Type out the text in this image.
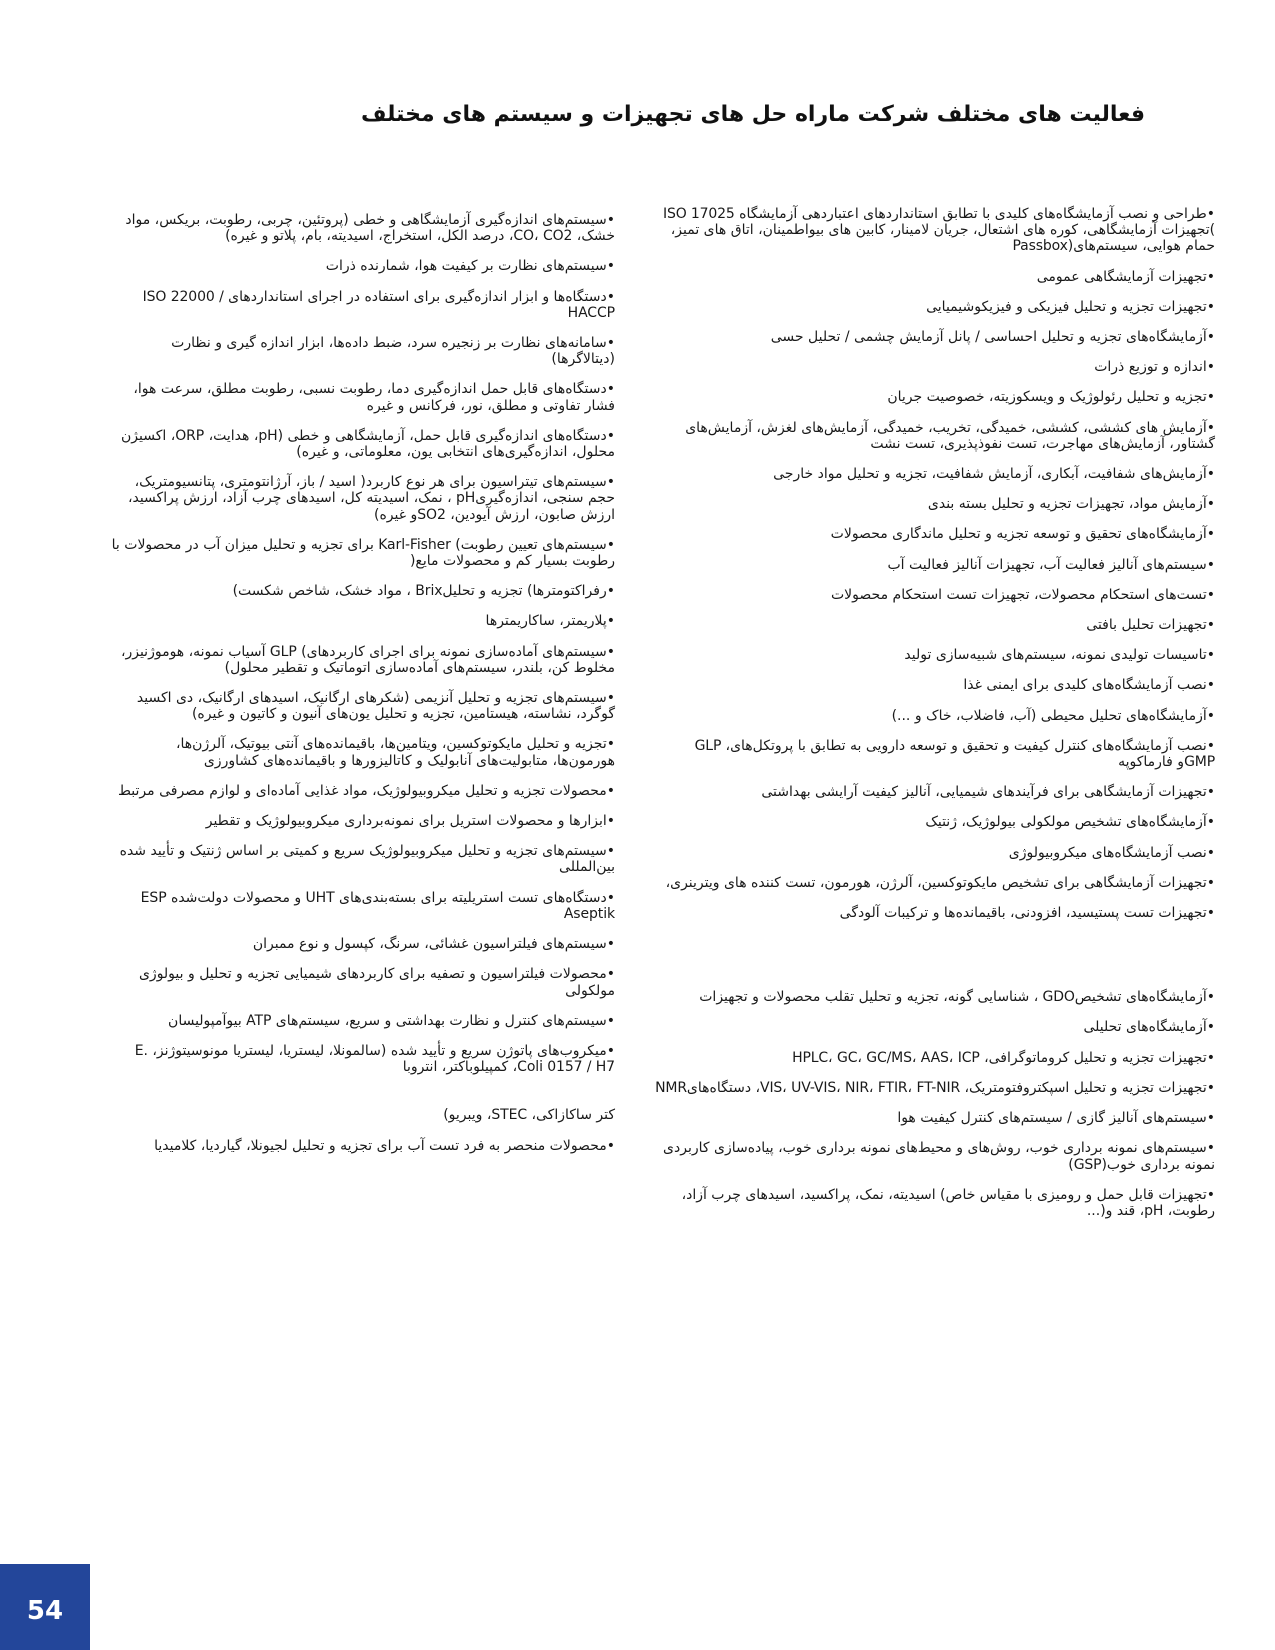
فعالیت های مختلف شرکت ماراه حل های تجهیزات و سیستم های مختلف

•طراحی و نصب آزمایشگاه‌های کلیدی با تطابق استانداردهای اعتباردهی آزمایشگاه ISO 17025 )تجهیزات آزمایشگاهی، کوره های اشتعال، جریان لامینار، کابین های بیواطمینان، اتاق های تمیز، حمام هوایی، سیستم‌های(Passbox

•تجهیزات آزمایشگاهی عمومی

•تجهیزات تجزیه و تحلیل فیزیکی و فیزیکوشیمیایی

•آزمایشگاه‌های تجزیه و تحلیل احساسی / پانل آزمایش چشمی / تحلیل حسی

•اندازه و توزیع ذرات

•تجزیه و تحلیل رئولوژیک و ویسکوزیته، خصوصیت جریان

•آزمایش های کششی، کششی، خمیدگی، تخریب، خمیدگی، آزمایش‌های لغزش، آزمایش‌های گشتاور، آزمایش‌های مهاجرت، تست نفوذپذیری، تست نشت

•آزمایش‌های شفافیت، آبکاری، آزمایش شفافیت، تجزیه و تحلیل مواد خارجی

•آزمایش مواد، تجهیزات تجزیه و تحلیل بسته بندی

•آزمایشگاه‌های تحقیق و توسعه تجزیه و تحلیل ماندگاری محصولات

•سیستم‌های آنالیز فعالیت آب، تجهیزات آنالیز فعالیت آب

•تست‌های استحکام محصولات، تجهیزات تست استحکام محصولات

•تجهیزات تحلیل بافتی

•تاسیسات تولیدی نمونه، سیستم‌های شبیه‌سازی تولید

•نصب آزمایشگاه‌های کلیدی برای ایمنی غذا

•آزمایشگاه‌های تحلیل محیطی (آب، فاضلاب، خاک و ...)

•نصب آزمایشگاه‌های کنترل کیفیت و تحقیق و توسعه دارویی به تطابق با پروتکل‌هایGLP ، GMPو فارماکوپه

•تجهیزات آزمایشگاهی برای فرآیندهای شیمیایی، آنالیز کیفیت آرایشی بهداشتی

•آزمایشگاه‌های تشخیص مولکولی بیولوژیک، ژنتیک

•نصب آزمایشگاه‌های میکروبیولوژی

•تجهیزات آزمایشگاهی برای تشخیص مایکوتوکسین، آلرژن، هورمون، تست کننده های ویترینری،

•تجهیزات تست پستیسید، افزودنی، باقیمانده‌ها و ترکیبات آلودگی

•آزمایشگاه‌های تشخیصGDO ، شناسایی گونه، تجزیه و تحلیل تقلب محصولات و تجهیزات

•آزمایشگاه‌های تحلیلی

•تجهیزات تجزیه و تحلیل کروماتوگرافی، HPLC، GC، GC/MS، AAS، ICP

•تجهیزات تجزیه و تحلیل اسپکتروفتومتریک، VIS، UV-VIS، NIR، FTIR، FT-NIR، دستگاه‌هایNMR

•سیستم‌های آنالیز گازی / سیستم‌های کنترل کیفیت هوا

•سیستم‌های نمونه برداری خوب، روش‌های و محیط‌های نمونه برداری خوب، پیاده‌سازی کاربردی نمونه برداری خوب(GSP)

•تجهیزات قابل حمل و رومیزی با مقیاس خاص) اسیدیته، نمک، پراکسید، اسیدهای چرب آزاد، رطوبت، pH، قند و(...

•سیستم‌های اندازه‌گیری آزمایشگاهی و خطی (پروتئین، چربی، رطوبت، بریکس، مواد خشک، CO، CO2، درصد الکل، استخراج، اسیدیته، بام، پلاتو و غیره)

•سیستم‌های نظارت بر کیفیت هوا، شمارنده ذرات

•دستگاه‌ها و ابزار اندازه‌گیری برای استفاده در اجرای استانداردهای ISO 22000 / HACCP

•سامانه‌های نظارت بر زنجیره سرد، ضبط داده‌ها، ابزار اندازه گیری و نظارت (دیتالاگرها)

•دستگاه‌های قابل حمل اندازه‌گیری دما، رطوبت نسبی، رطوبت مطلق، سرعت هوا، فشار تفاوتی و مطلق، نور، فرکانس و غیره

•دستگاه‌های اندازه‌گیری قابل حمل، آزمایشگاهی و خطی (pH، هدایت، ORP، اکسیژن محلول، اندازه‌گیری‌های انتخابی یون، معلوماتی، و غیره)

•سیستم‌های تیتراسیون برای هر نوع کاربرد( اسید / باز، آرژانتومتری، پتانسیومتریک، حجم سنجی، اندازه‌گیریpH ، نمک، اسیدیته کل، اسیدهای چرب آزاد، ارزش پراکسید، ارزش صابون، ارزش آیودین، SO2و غیره)

•سیستم‌های تعیین رطوبت) Karl-Fisher برای تجزیه و تحلیل میزان آب در محصولات با رطوبت بسیار کم و محصولات مایع(

•رفراکتومترها) تجزیه و تحلیلBrix ، مواد خشک، شاخص شکست)

•پلاریمتر، ساکاریمترها

•سیستم‌های آماده‌سازی نمونه برای اجرای کاربردهای) GLP آسیاب نمونه، هوموژنیزر، مخلوط کن، بلندر، سیستم‌های آماده‌سازی اتوماتیک و تقطیر محلول)

•سیستم‌های تجزیه و تحلیل آنزیمی (شکرهای ارگانیک، اسیدهای ارگانیک، دی اکسید گوگرد، نشاسته، هیستامین، تجزیه و تحلیل یون‌های آنیون و کاتیون و غیره)

•تجزیه و تحلیل مایکوتوکسین، ویتامین‌ها، باقیمانده‌های آنتی بیوتیک، آلرژن‌ها، هورمون‌ها، متابولیت‌های آنابولیک و کاتالیزورها و باقیمانده‌های کشاورزی

•محصولات تجزیه و تحلیل میکروبیولوژیک، مواد غذایی آماده‌ای و لوازم مصرفی مرتبط

•ابزارها و محصولات استریل برای نمونه‌برداری میکروبیولوژیک و تقطیر

•سیستم‌های تجزیه و تحلیل میکروبیولوژیک سریع و کمیتی بر اساس ژنتیک و تأیید شده بین‌المللی

•دستگاه‌های تست استریلیته برای بسته‌بندی‌های UHT و محصولات دولت‌شده ESP Aseptik

•سیستم‌های فیلتراسیون غشائی، سرنگ، کپسول و نوع ممبران

•محصولات فیلتراسیون و تصفیه برای کاربردهای شیمیایی تجزیه و تحلیل و بیولوژی مولکولی

•سیستم‌های کنترل و نظارت بهداشتی و سریع، سیستم‌های ATP بیوآمپولیسان

•میکروب‌های پاتوژن سریع و تأیید شده (سالمونلا، لیستریا، لیستریا مونوسیتوژنز، E. Coli 0157 / H7، کمپیلوباکتر، انتروبا

کتر ساکازاکی، STEC، ویبریو)

•محصولات منحصر به فرد تست آب برای تجزیه و تحلیل لجیونلا، گیاردیا، کلامیدیا

54
